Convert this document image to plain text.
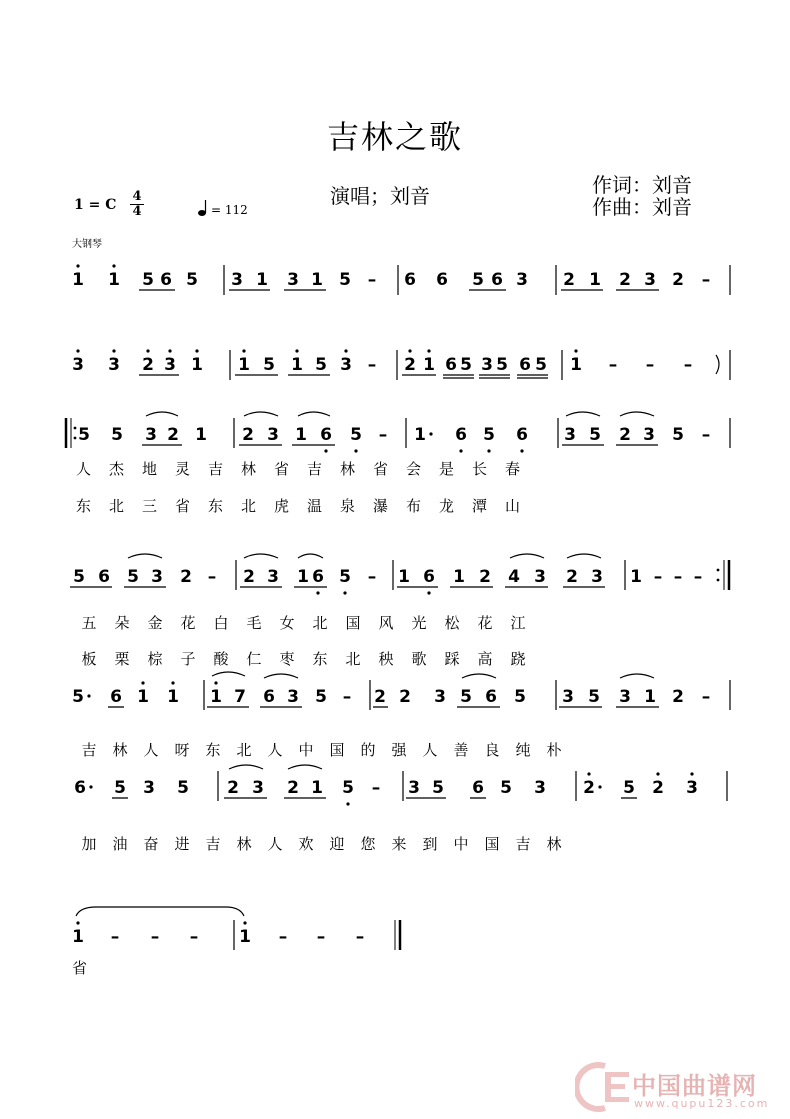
吉林之歌
演唱；刘音	作词：刘音
作曲：刘音
1 = C
4
4	= 112
大钢琴
1 1 5 6 5 3 1 3 1 5 – 6 6 5 6 3 2 1 2 3 2 –
3 3 2 3 1 1 5 1 5 3 – 2 1 6 5 3 5 6 5 1 – – –
5 5 3 2 1 2 3 1 6 5 – 1 6 5 6 3 5 2 3 5 –
人杰地灵吉林省吉林省会是长春
东北三省东北虎温泉瀑布龙潭山
5 6 5 3 2 – 2 3 1 6 5 – 1 6 1 2 4 3 2 3 1 – – –

五朵金花白毛女北国风光松花江

板栗棕子酸仁枣东北秧歌踩高跷

5 6 1 1 1 7 6 3 5 – 2 2 3 5 6 5 3 5 3 1 2 –

吉林人呀东北人中国的强人善良纯朴

6 5 3 5 2 3 2 1 5 – 3 5 6 5 3 2 5 2 3

加油奋进吉林人欢迎您来到中国吉林

1 – – – 1 – – –
省
中国曲谱网
www.qupu123.com
